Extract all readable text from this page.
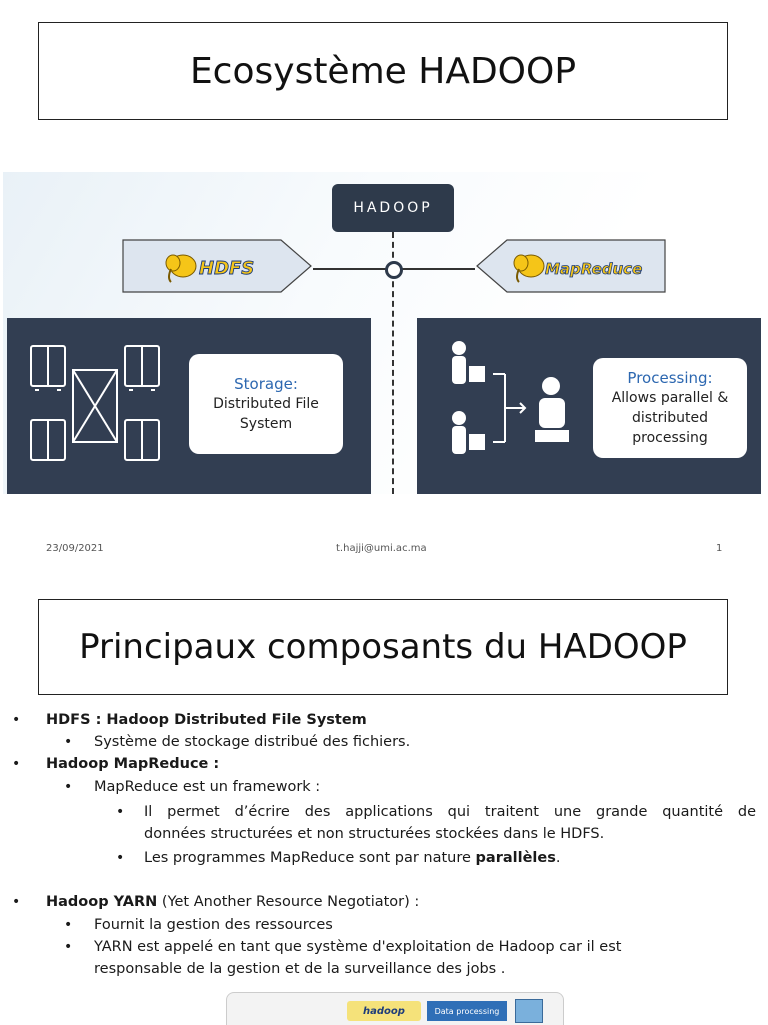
Ecosystème HADOOP
HADOOP
HDFS	MapReduce
Storage:
Distributed File
System
Processing:
Allows parallel &
distributed
processing
23/09/2021	t.hajji@umi.ac.ma	1
Principaux composants du HADOOP
• HDFS : Hadoop Distributed File System
• Système de stockage distribué des fichiers.
• Hadoop MapReduce :
• MapReduce est un framework :
• Il permet d’écrire des applications qui traitent une grande quantité de
données structurées et non structurées stockées dans le HDFS.
• Les programmes MapReduce sont par nature parallèles.
• Hadoop YARN (Yet Another Resource Negotiator) :
• Fournit la gestion des ressources
• YARN est appelé en tant que système d'exploitation de Hadoop car il est
responsable de la gestion et de la surveillance des jobs .
hadoop	Data processing
